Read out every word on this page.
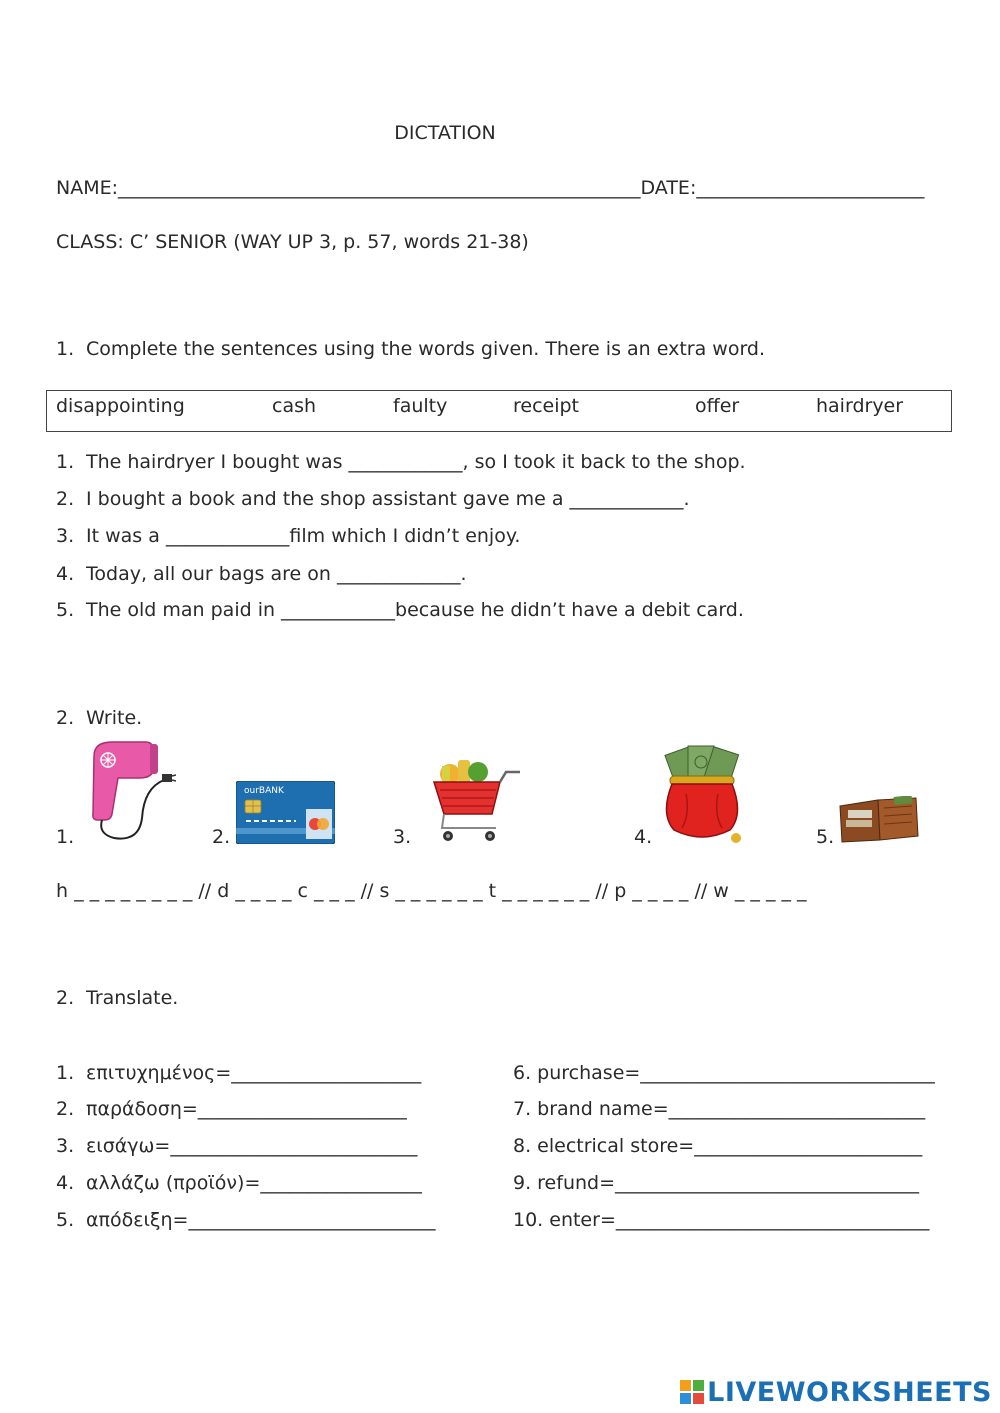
DICTATION
NAME:_______________________________________________________DATE:________________________
CLASS: C’ SENIOR (WAY UP 3, p. 57, words 21-38)
1. Complete the sentences using the words given. There is an extra word.
disappointing	cash	faulty	receipt	offer	hairdryer
1. The hairdryer I bought was ____________, so I took it back to the shop.
2. I bought a book and the shop assistant gave me a ____________.
3. It was a _____________film which I didn’t enjoy.
4. Today, all our bags are on _____________.
5. The old man paid in ____________because he didn’t have a debit card.
2. Write.
1.	2.	3.	4.	5.
ourBANK
h _ _ _ _ _ _ _ _ // d _ _ _ _ c _ _ _ // s _ _ _ _ _ _ t _ _ _ _ _ _ // p _ _ _ _ // w _ _ _ _ _
2. Translate.
1. επιτυχημένος=____________________
2. παράδοση=______________________
3. εισάγω=__________________________
4. αλλάζω (προϊόν)=_________________
5. απόδειξη=__________________________
6. purchase=_______________________________
7. brand name=___________________________
8. electrical store=________________________
9. refund=________________________________
10. enter=_________________________________
LIVEWORKSHEETS
